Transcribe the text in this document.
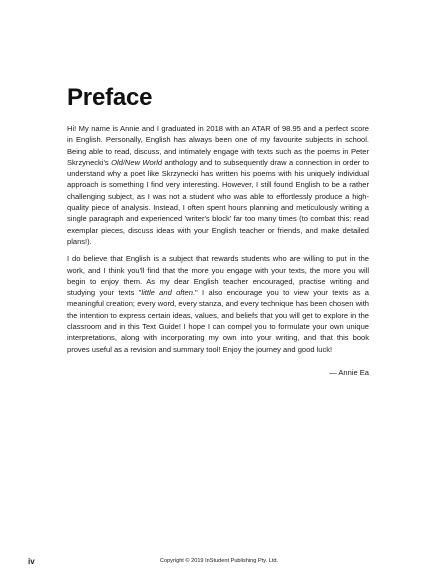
Preface

Hi! My name is Annie and I graduated in 2018 with an ATAR of 98.95 and a perfect score in English. Personally, English has always been one of my favourite subjects in school. Being able to read, discuss, and intimately engage with texts such as the poems in Peter Skrzynecki's Old/New World anthology and to subsequently draw a connection in order to understand why a poet like Skrzynecki has written his poems with his uniquely individual approach is something I find very interesting. However, I still found English to be a rather challenging subject, as I was not a student who was able to effortlessly produce a high-quality piece of analysis. Instead, I often spent hours planning and meticulously writing a single paragraph and experienced 'writer's block' far too many times (to combat this: read exemplar pieces, discuss ideas with your English teacher or friends, and make detailed plans!).

I do believe that English is a subject that rewards students who are willing to put in the work, and I think you'll find that the more you engage with your texts, the more you will begin to enjoy them. As my dear English teacher encouraged, practise writing and studying your texts "little and often." I also encourage you to view your texts as a meaningful creation; every word, every stanza, and every technique has been chosen with the intention to express certain ideas, values, and beliefs that you will get to explore in the classroom and in this Text Guide! I hope I can compel you to formulate your own unique interpretations, along with incorporating my own into your writing, and that this book proves useful as a revision and summary tool! Enjoy the journey and good luck!

— Annie Ea
iv	Copyright © 2019 InStudent Publishing Pty. Ltd.
